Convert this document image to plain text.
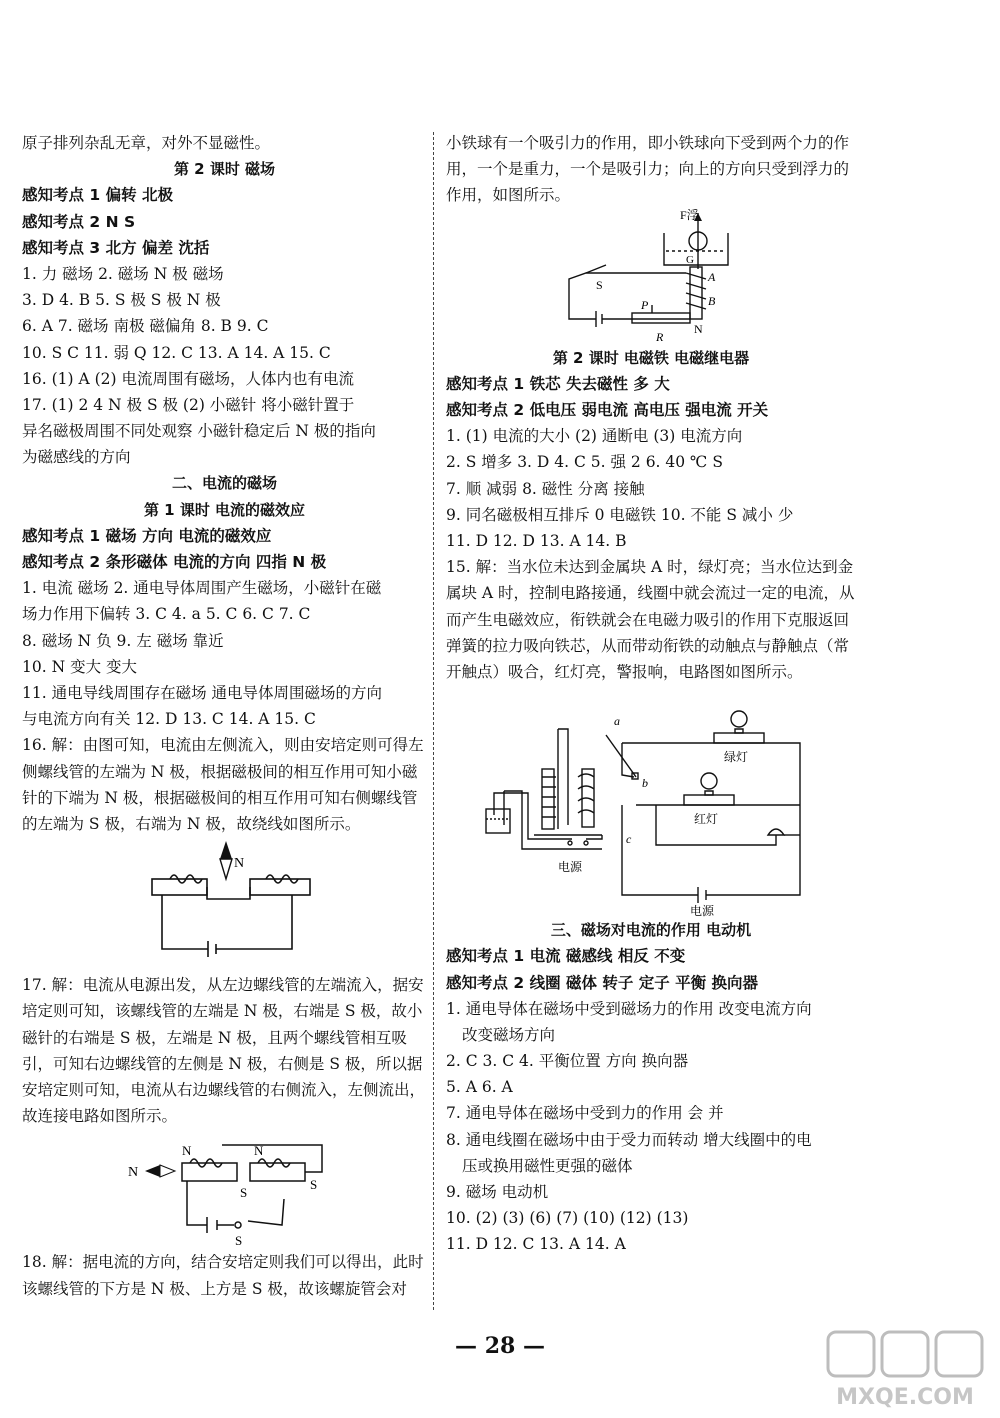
原子排列杂乱无章，对外不显磁性。
第 2 课时 磁场
感知考点 1 偏转 北极
感知考点 2 N S
感知考点 3 北方 偏差 沈括
1. 力 磁场 2. 磁场 N 极 磁场
3. D 4. B 5. S 极 S 极 N 极
6. A 7. 磁场 南极 磁偏角 8. B 9. C
10. S C 11. 弱 Q 12. C 13. A 14. A 15. C
16. (1) A (2) 电流周围有磁场，人体内也有电流
17. (1) 2 4 N 极 S 极 (2) 小磁针 将小磁针置于
异名磁极周围不同处观察 小磁针稳定后 N 极的指向
为磁感线的方向
二、电流的磁场
第 1 课时 电流的磁效应
感知考点 1 磁场 方向 电流的磁效应
感知考点 2 条形磁体 电流的方向 四指 N 极
1. 电流 磁场 2. 通电导体周围产生磁场，小磁针在磁
场力作用下偏转 3. C 4. a 5. C 6. C 7. C
8. 磁场 N 负 9. 左 磁场 靠近
10. N 变大 变大
11. 通电导线周围存在磁场 通电导体周围磁场的方向
与电流方向有关 12. D 13. C 14. A 15. C
16. 解：由图可知，电流由左侧流入，则由安培定则可得左侧螺线管的左端为 N 极，根据磁极间的相互作用可知小磁针的下端为 N 极，根据磁极间的相互作用可知右侧螺线管的左端为 S 极，右端为 N 极，故绕线如图所示。
N
17. 解：电流从电源出发，从左边螺线管的左端流入，据安培定则可知，该螺线管的左端是 N 极，右端是 S 极，故小磁针的右端是 S 极，左端是 N 极，且两个螺线管相互吸引，可知右边螺线管的左侧是 N 极，右侧是 S 极，所以据安培定则可知，电流从右边螺线管的右侧流入，左侧流出，故连接电路如图所示。
N
N
S
N
S
S
18. 解：据电流的方向，结合安培定则我们可以得出，此时该螺线管的下方是 N 极、上方是 S 极，故该螺旋管会对
小铁球有一个吸引力的作用，即小铁球向下受到两个力的作用，一个是重力，一个是吸引力；向上的方向只受到浮力的作用，如图所示。
F浮
G
S
A
B
N
P
R
第 2 课时 电磁铁 电磁继电器
感知考点 1 铁芯 失去磁性 多 大
感知考点 2 低电压 弱电流 高电压 强电流 开关
1. (1) 电流的大小 (2) 通断电 (3) 电流方向
2. S 增多 3. D 4. C 5. 强 2 6. 40 ℃ S
7. 顺 减弱 8. 磁性 分离 接触
9. 同名磁极相互排斥 0 电磁铁 10. 不能 S 减小 少
11. D 12. D 13. A 14. B
15. 解：当水位未达到金属块 A 时，绿灯亮；当水位达到金属块 A 时，控制电路接通，线圈中就会流过一定的电流，从而产生电磁效应，衔铁就会在电磁力吸引的作用下克服返回弹簧的拉力吸向铁芯，从而带动衔铁的动触点与静触点（常开触点）吸合，红灯亮，警报响，电路图如图所示。
a
b
c
绿灯
红灯
电源
电源
三、磁场对电流的作用 电动机
感知考点 1 电流 磁感线 相反 不变
感知考点 2 线圈 磁体 转子 定子 平衡 换向器
1. 通电导体在磁场中受到磁场力的作用 改变电流方向
改变磁场方向
2. C 3. C 4. 平衡位置 方向 换向器
5. A 6. A
7. 通电导体在磁场中受到力的作用 会 并
8. 通电线圈在磁场中由于受力而转动 增大线圈中的电
压或换用磁性更强的磁体
9. 磁场 电动机
10. (2) (3) (6) (7) (10) (12) (13)
11. D 12. C 13. A 14. A
— 28 —
MXQE.COM
